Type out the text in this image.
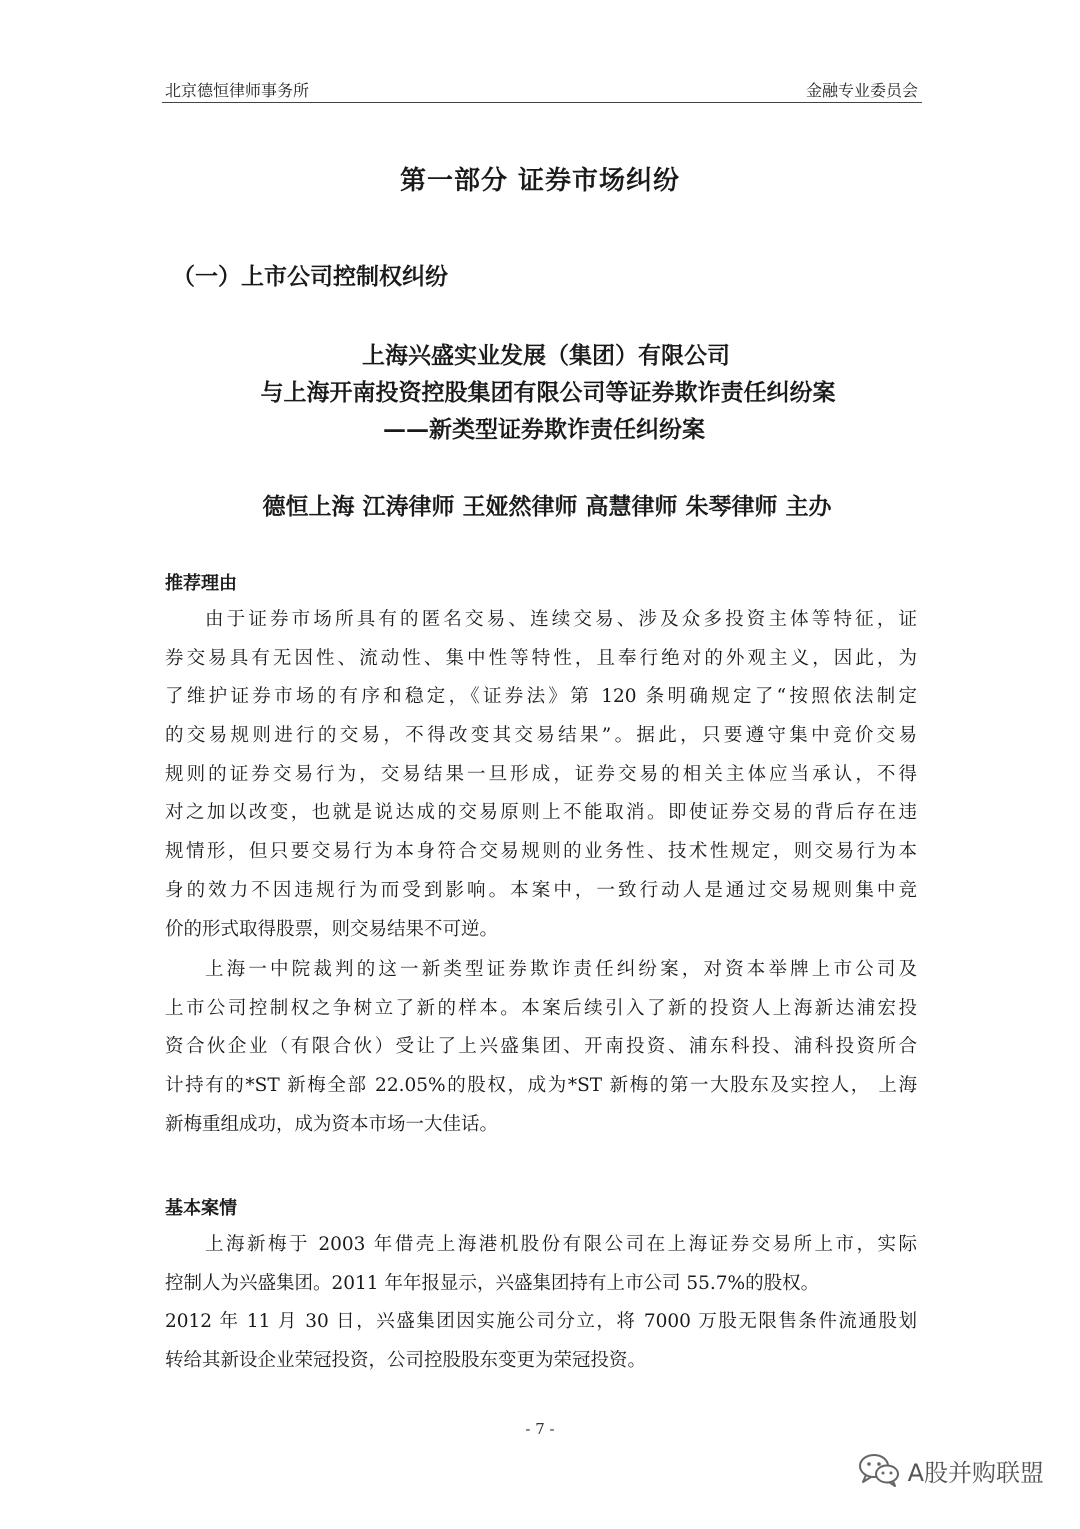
北京德恒律师事务所	金融专业委员会
第一部分 证券市场纠纷
（一）上市公司控制权纠纷
上海兴盛实业发展（集团）有限公司
与上海开南投资控股集团有限公司等证券欺诈责任纠纷案
——新类型证券欺诈责任纠纷案
德恒上海 江涛律师 王娅然律师 高慧律师 朱琴律师 主办
推荐理由
由于证券市场所具有的匿名交易、连续交易、涉及众多投资主体等特征，证
券交易具有无因性、流动性、集中性等特性，且奉行绝对的外观主义，因此，为
了维护证券市场的有序和稳定，《证券法》第 120 条明确规定了“按照依法制定
的交易规则进行的交易，不得改变其交易结果”。据此，只要遵守集中竞价交易
规则的证券交易行为，交易结果一旦形成，证券交易的相关主体应当承认，不得
对之加以改变，也就是说达成的交易原则上不能取消。即使证券交易的背后存在违
规情形，但只要交易行为本身符合交易规则的业务性、技术性规定，则交易行为本
身的效力不因违规行为而受到影响。本案中，一致行动人是通过交易规则集中竞
价的形式取得股票，则交易结果不可逆。
上海一中院裁判的这一新类型证券欺诈责任纠纷案，对资本举牌上市公司及
上市公司控制权之争树立了新的样本。本案后续引入了新的投资人上海新达浦宏投
资合伙企业（有限合伙）受让了上兴盛集团、开南投资、浦东科投、浦科投资所合
计持有的*ST 新梅全部 22.05%的股权，成为*ST 新梅的第一大股东及实控人， 上海
新梅重组成功，成为资本市场一大佳话。
基本案情
上海新梅于 2003 年借壳上海港机股份有限公司在上海证券交易所上市，实际
控制人为兴盛集团。2011 年年报显示，兴盛集团持有上市公司 55.7%的股权。
2012 年 11 月 30 日，兴盛集团因实施公司分立，将 7000 万股无限售条件流通股划
转给其新设企业荣冠投资，公司控股股东变更为荣冠投资。
- 7 -
A股并购联盟
